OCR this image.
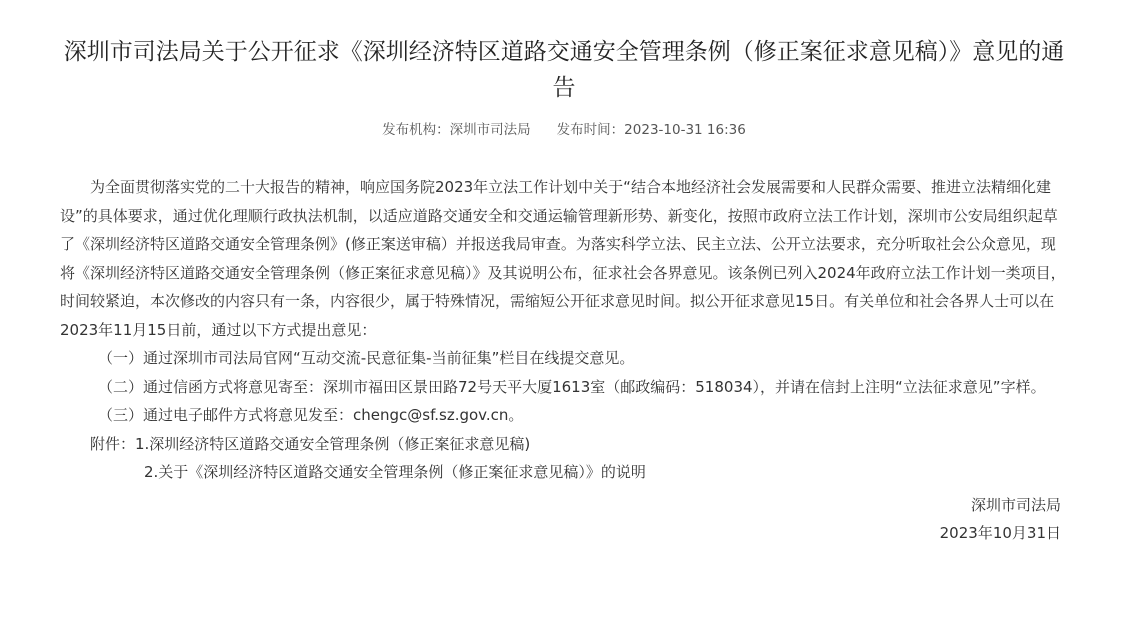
深圳市司法局关于公开征求《深圳经济特区道路交通安全管理条例（修正案征求意见稿）》意见的通告
发布机构：深圳市司法局 发布时间：2023-10-31 16:36

为全面贯彻落实党的二十大报告的精神，响应国务院2023年立法工作计划中关于“结合本地经济社会发展需要和人民群众需要、推进立法精细化建设”的具体要求，通过优化理顺行政执法机制，以适应道路交通安全和交通运输管理新形势、新变化，按照市政府立法工作计划，深圳市公安局组织起草了《深圳经济特区道路交通安全管理条例》(修正案送审稿）并报送我局审查。为落实科学立法、民主立法、公开立法要求，充分听取社会公众意见，现将《深圳经济特区道路交通安全管理条例（修正案征求意见稿）》及其说明公布，征求社会各界意见。该条例已列入2024年政府立法工作计划一类项目，时间较紧迫，本次修改的内容只有一条，内容很少，属于特殊情况，需缩短公开征求意见时间。拟公开征求意见15日。有关单位和社会各界人士可以在2023年11月15日前，通过以下方式提出意见：

（一）通过深圳市司法局官网“互动交流-民意征集-当前征集”栏目在线提交意见。

（二）通过信函方式将意见寄至：深圳市福田区景田路72号天平大厦1613室（邮政编码：518034），并请在信封上注明“立法征求意见”字样。

（三）通过电子邮件方式将意见发至：chengc@sf.sz.gov.cn。

附件：1.深圳经济特区道路交通安全管理条例（修正案征求意见稿)

2.关于《深圳经济特区道路交通安全管理条例（修正案征求意见稿）》的说明

深圳市司法局

2023年10月31日
